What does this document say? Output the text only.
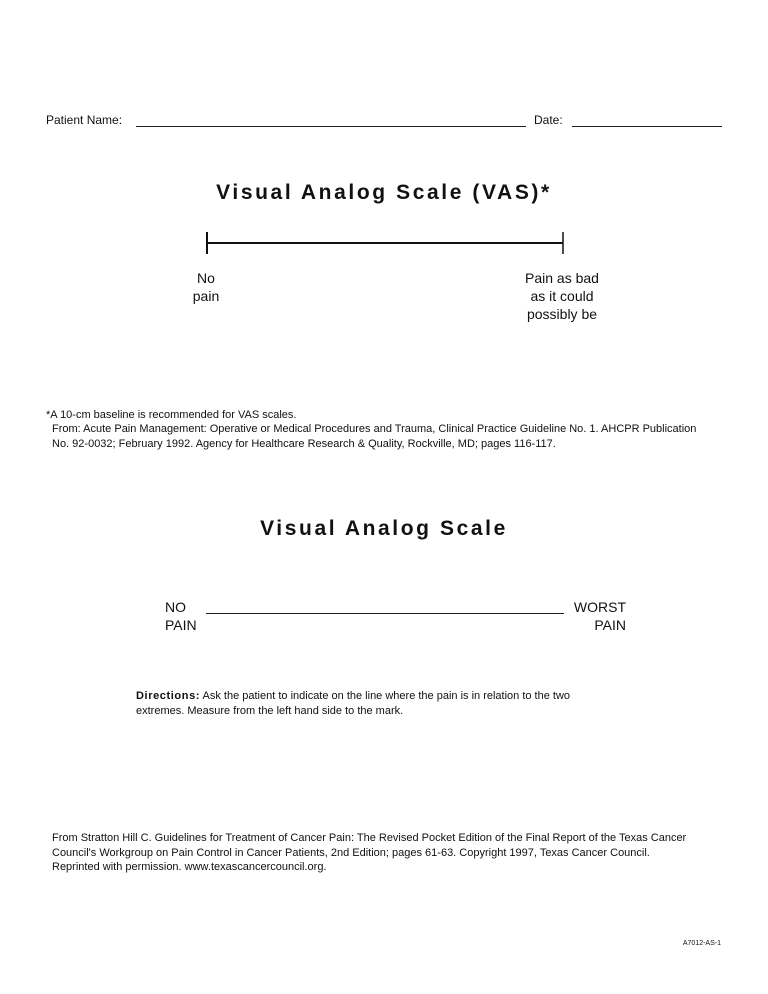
Patient Name:	Date:
Visual Analog Scale (VAS)*
No
pain
Pain as bad
as it could
possibly be
*A 10-cm baseline is recommended for VAS scales.
From: Acute Pain Management: Operative or Medical Procedures and Trauma, Clinical Practice Guideline No. 1. AHCPR Publication
No. 92-0032; February 1992. Agency for Healthcare Research & Quality, Rockville, MD; pages 116-117.
Visual Analog Scale
NO
PAIN
WORST
PAIN
Directions: Ask the patient to indicate on the line where the pain is in relation to the two
extremes. Measure from the left hand side to the mark.
From Stratton Hill C. Guidelines for Treatment of Cancer Pain: The Revised Pocket Edition of the Final Report of the Texas Cancer
Council's Workgroup on Pain Control in Cancer Patients, 2nd Edition; pages 61-63. Copyright 1997, Texas Cancer Council.
Reprinted with permission. www.texascancercouncil.org.
A7012-AS-1
